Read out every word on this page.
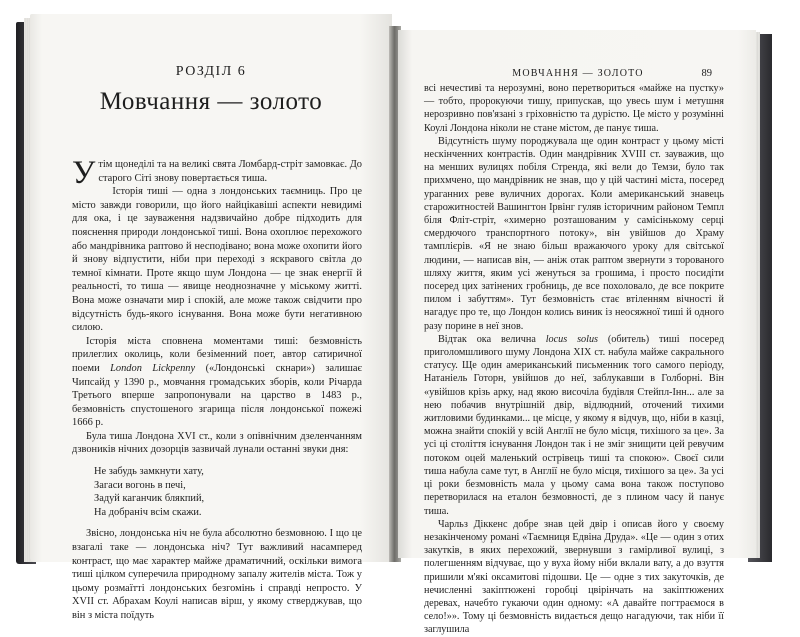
РОЗДІЛ 6
Мовчання — золото

Утім щонеділі та на великі свята Ломбард-стріт замовкає. До старого Сіті знову повертається тиша.

Історія тиші — одна з лондонських таємниць. Про це місто завжди говорили, що його найцікавіші аспекти невидимі для ока, і це зауваження надзвичайно добре підходить для пояснення природи лондонської тиші. Вона охоплює перехожого або мандрівника раптово й несподівано; вона може охопити його й знову відпустити, ніби при переході з яскравого світла до темної кімнати. Проте якщо шум Лондона — це знак енергії й реальності, то тиша — явище неоднозначне у міському житті. Вона може означати мир і спокій, але може також свідчити про відсутність будь-якого існування. Вона може бути негативною силою.

Історія міста сповнена моментами тиші: безмовність прилеглих околиць, коли безіменний поет, автор сатиричної поеми London Lickpenny («Лондонські скнари») залишає Чипсайд у 1390 р., мовчання громадських зборів, коли Річарда Третього вперше запропонували на царство в 1483 р., безмовність спустошеного згарища після лондонської пожежі 1666 р.

Була тиша Лондона XVI ст., коли з опівнічним дзеленчанням дзвоників нічних дозорців зазвичай лунали останні звуки дня:

Не забудь замкнути хату,
Загаси вогонь в печі,
Задуй каганчик блякпий,
На добраніч всім скажи.

Звісно, лондонська ніч не була абсолютно безмовною. І що це взагалі таке — лондонська ніч? Тут важливий насамперед контраст, що має характер майже драматичний, оскільки вимога тиші цілком суперечила природному запалу жителів міста. Тож у цьому розмаїтті лондонських безгомінь і справді непросто. У XVII ст. Абрахам Коулі написав вірш, у якому стверджував, що він з міста поїдуть

МОВЧАННЯ — ЗОЛОТО	89

всі нечестиві та нерозумні, воно перетвориться «майже на пустку» — тобто, пророкуючи тишу, припускав, що увесь шум і метушня нерозривно пов'язані з гріховністю та дурістю. Це місто у розумінні Коулі Лондона ніколи не стане містом, де панує тиша.

Відсутність шуму породжувала ще один контраст у цьому місті нескінченних контрастів. Один мандрівник XVIII ст. зауважив, що на менших вулицях побіля Стренда, які вели до Темзи, було так прихмчено, що мандрівник не знав, що у цій частині міста, посеред ураганних реве вуличних дорогах. Коли американський знавець старожитностей Вашингтон Ірвінг гуляв історичним районом Темпл біля Фліт-стріт, «химерно розташованим у самісінькому серці смердючого транспортного потоку», він увійшов до Храму тамплієрів. «Я не знаю більш вражаючого уроку для світської людини, — написав він, — аніж отак раптом звернути з торованого шляху життя, яким усі женуться за грошима, і просто посидіти посеред цих затінених гробниць, де все похоловало, де все покрите пилом і забуттям». Тут безмовність стає втіленням вічності й нагадує про те, що Лондон колись виник із неосяжної тиші й одного разу порине в неї знов.

Відтак ока велична locus solus (обитель) тиші посеред приголомшливого шуму Лондона XIX ст. набула майже сакрального статусу. Ще один американський письменник того самого періоду, Натаніель Готорн, увійшов до неї, заблукавши в Голборні. Він «увійшов крізь арку, над якою височіла будівля Стейпл-Інн... але за нею побачив внутрішній двір, відлюдний, оточений тихими житловими будинками... це місце, у якому я відчув, що, ніби в казці, можна знайти спокій у всій Англії не було місця, тихішого за це». За усі ці століття існування Лондон так і не зміг знищити цей ревучим потоком оцей маленький острівець тиші та спокою». Своєї сили тиша набула саме тут, в Англії не було місця, тихішого за це». За усі ці роки безмовність мала у цьому сама вона також поступово перетворилася на еталон безмовності, де з плином часу й панує тиша.

Чарльз Діккенс добре знав цей двір і описав його у своєму незакінченому романі «Таємниця Едвіна Друда». «Це — один з отих закутків, в яких перехожий, звернувши з гамірливої вулиці, з полегшенням відчуває, що у вуха йому ніби вклали вату, а до взуття пришили м'які оксамитові підошви. Це — одне з тих закуточків, де нечисленні закіптюжені горобці цвірінчать на закіптюжених деревах, начебто гукаючи один одному: «А давайте погтраємося в село!»». Тому ці безмовність видається дещо нагадуючи, так ніби її заглушила
